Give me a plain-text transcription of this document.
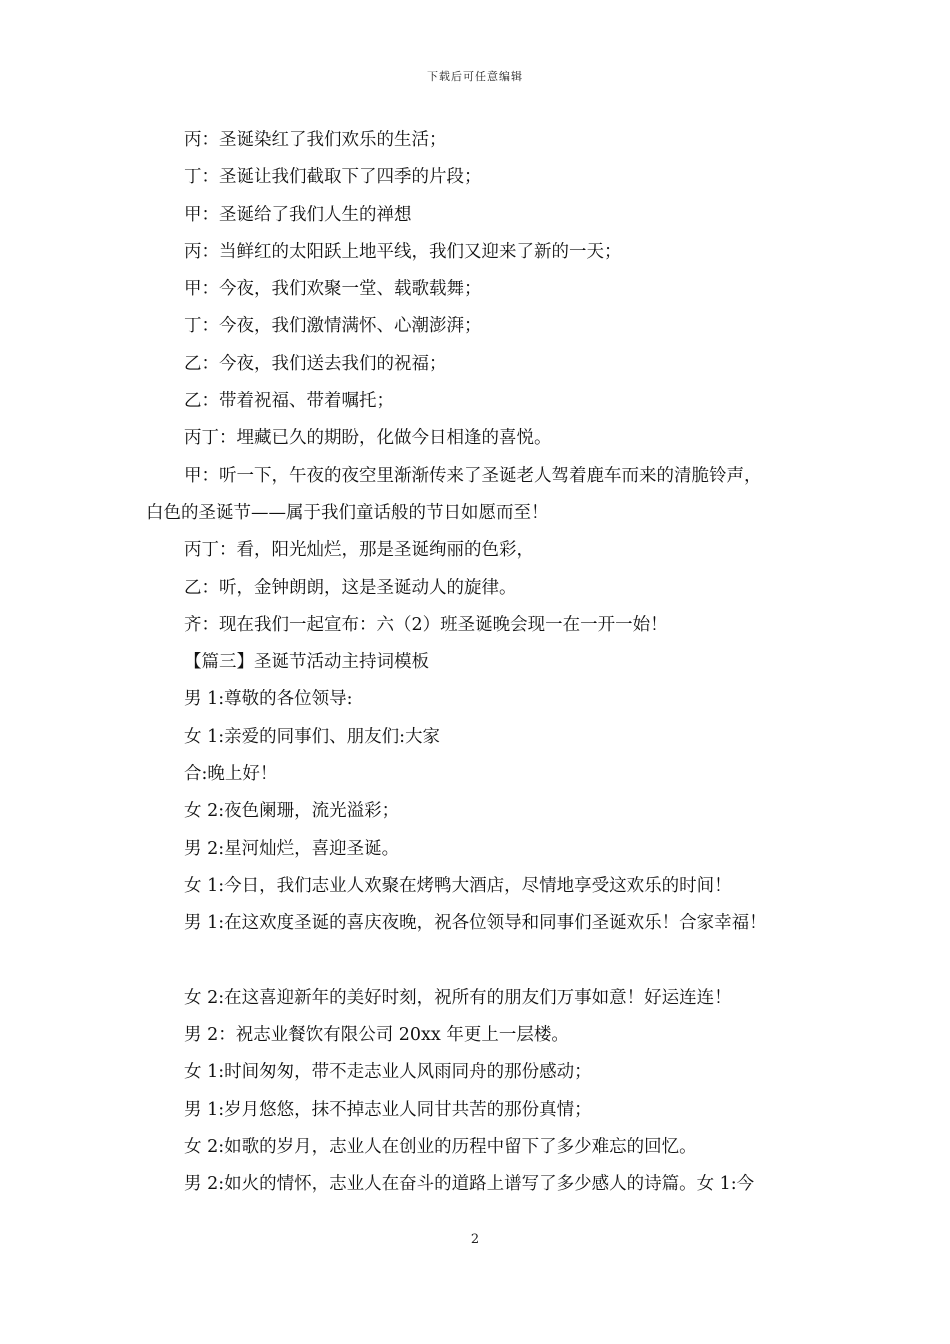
下载后可任意编辑
丙：圣诞染红了我们欢乐的生活；
丁：圣诞让我们截取下了四季的片段；
甲：圣诞给了我们人生的禅想
丙：当鲜红的太阳跃上地平线，我们又迎来了新的一天；
甲：今夜，我们欢聚一堂、载歌载舞；
丁：今夜，我们激情满怀、心潮澎湃；
乙：今夜，我们送去我们的祝福；
乙：带着祝福、带着嘱托；
丙丁：埋藏已久的期盼，化做今日相逢的喜悦。
甲：听一下，午夜的夜空里渐渐传来了圣诞老人驾着鹿车而来的清脆铃声，
白色的圣诞节——属于我们童话般的节日如愿而至！
丙丁：看，阳光灿烂，那是圣诞绚丽的色彩，
乙：听，金钟朗朗，这是圣诞动人的旋律。
齐：现在我们一起宣布：六（2）班圣诞晚会现一在一开一始！
【篇三】圣诞节活动主持词模板
男 1:尊敬的各位领导:
女 1:亲爱的同事们、朋友们:大家
合:晚上好！
女 2:夜色阑珊，流光溢彩；
男 2:星河灿烂，喜迎圣诞。
女 1:今日，我们志业人欢聚在烤鸭大酒店，尽情地享受这欢乐的时间！
男 1:在这欢度圣诞的喜庆夜晚，祝各位领导和同事们圣诞欢乐！合家幸福！
女 2:在这喜迎新年的美好时刻，祝所有的朋友们万事如意！好运连连！
男 2：祝志业餐饮有限公司 20xx 年更上一层楼。
女 1:时间匆匆，带不走志业人风雨同舟的那份感动；
男 1:岁月悠悠，抹不掉志业人同甘共苦的那份真情；
女 2:如歌的岁月，志业人在创业的历程中留下了多少难忘的回忆。
男 2:如火的情怀，志业人在奋斗的道路上谱写了多少感人的诗篇。女 1:今
2
